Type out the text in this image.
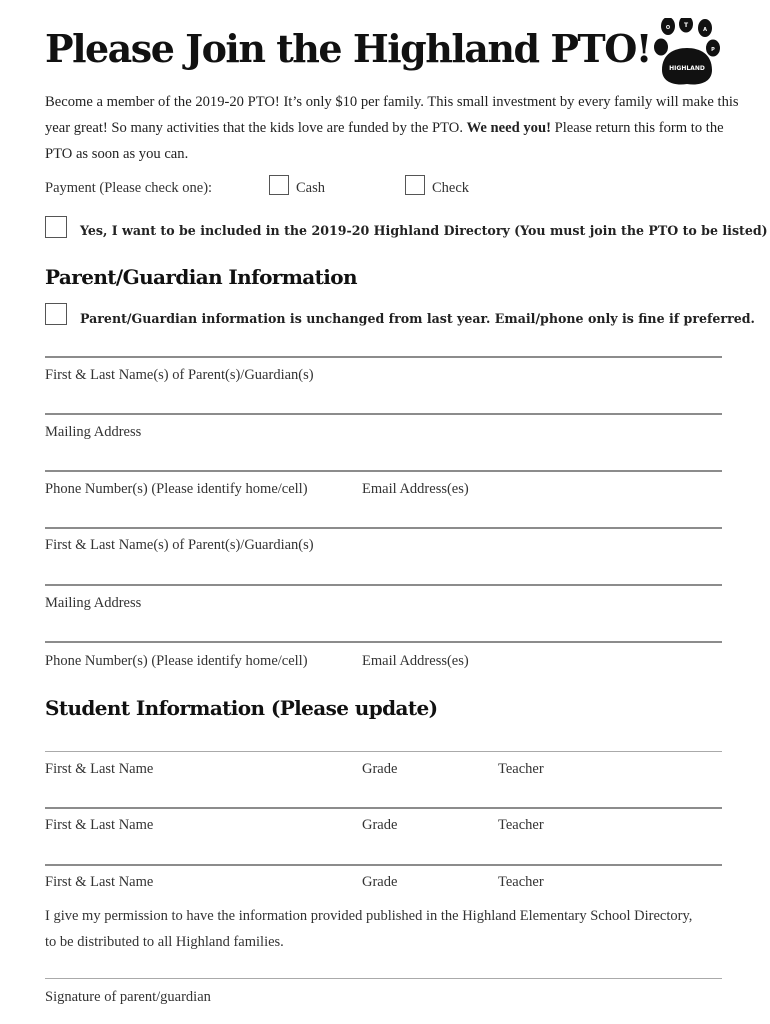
Please Join the Highland PTO!
T
O	A
P
HIGHLAND
Become a member of the 2019-20 PTO! It’s only $10 per family. This small investment by every family will make this year great! So many activities that the kids love are funded by the PTO. We need you! Please return this form to the PTO as soon as you can.
Payment (Please check one):	Cash	Check
Yes, I want to be included in the 2019-20 Highland Directory (You must join the PTO to be listed)
Parent/Guardian Information
Parent/Guardian information is unchanged from last year. Email/phone only is fine if preferred.
First & Last Name(s) of Parent(s)/Guardian(s)
Mailing Address
Phone Number(s) (Please identify home/cell)	Email Address(es)
First & Last Name(s) of Parent(s)/Guardian(s)
Mailing Address
Phone Number(s) (Please identify home/cell)	Email Address(es)
Student Information (Please update)
First & Last Name	Grade	Teacher
First & Last Name	Grade	Teacher
First & Last Name	Grade	Teacher
I give my permission to have the information provided published in the Highland Elementary School Directory, to be distributed to all Highland families.
Signature of parent/guardian
